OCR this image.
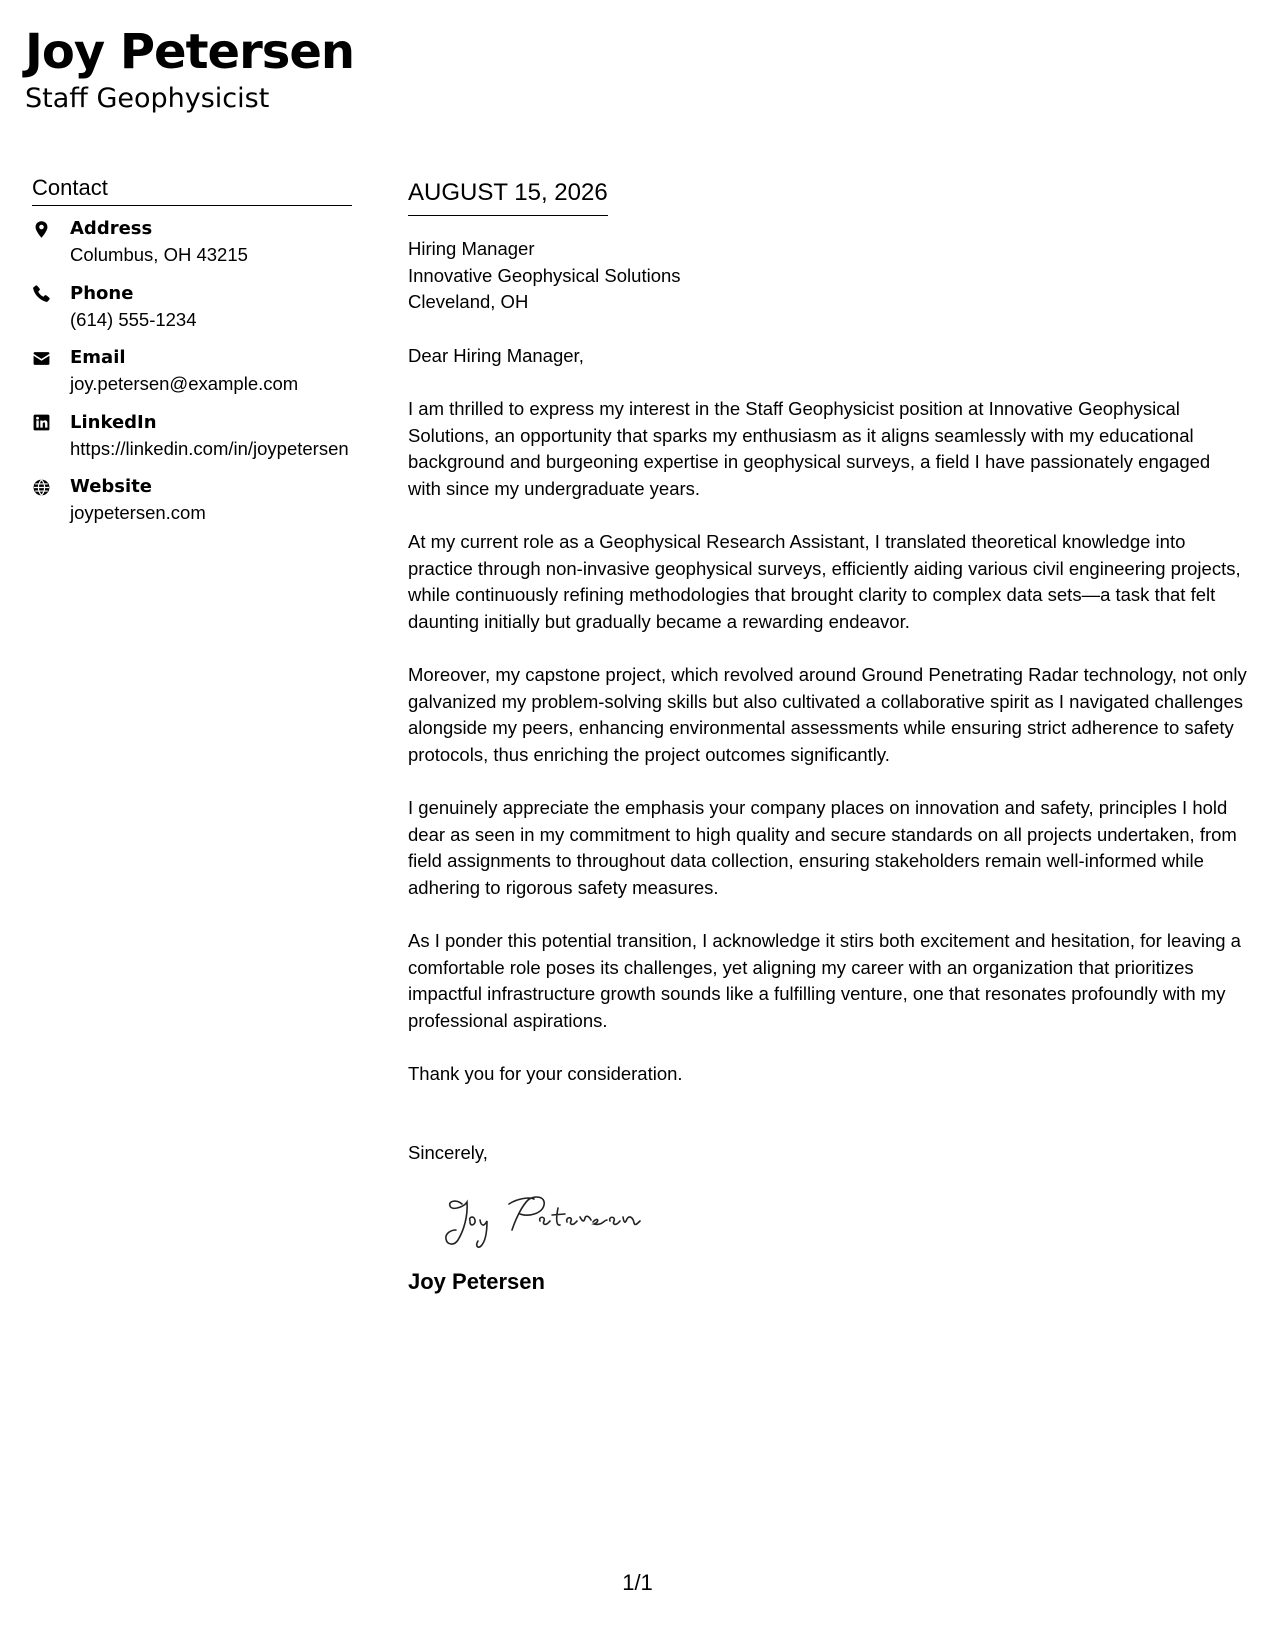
Joy Petersen
Staff Geophysicist
Contact
Address
Columbus, OH 43215
Phone
(614) 555-1234
Email
joy.petersen@example.com
LinkedIn
https://linkedin.com/in/joypetersen
Website
joypetersen.com
AUGUST 15, 2026
Hiring Manager
Innovative Geophysical Solutions
Cleveland, OH

Dear Hiring Manager,

I am thrilled to express my interest in the Staff Geophysicist position at Innovative Geophysical Solutions, an opportunity that sparks my enthusiasm as it aligns seamlessly with my educational background and burgeoning expertise in geophysical surveys, a field I have passionately engaged with since my undergraduate years.

At my current role as a Geophysical Research Assistant, I translated theoretical knowledge into practice through non-invasive geophysical surveys, efficiently aiding various civil engineering projects, while continuously refining methodologies that brought clarity to complex data sets—a task that felt daunting initially but gradually became a rewarding endeavor.

Moreover, my capstone project, which revolved around Ground Penetrating Radar technology, not only galvanized my problem-solving skills but also cultivated a collaborative spirit as I navigated challenges alongside my peers, enhancing environmental assessments while ensuring strict adherence to safety protocols, thus enriching the project outcomes significantly.

I genuinely appreciate the emphasis your company places on innovation and safety, principles I hold dear as seen in my commitment to high quality and secure standards on all projects undertaken, from field assignments to throughout data collection, ensuring stakeholders remain well-informed while adhering to rigorous safety measures.

As I ponder this potential transition, I acknowledge it stirs both excitement and hesitation, for leaving a comfortable role poses its challenges, yet aligning my career with an organization that prioritizes impactful infrastructure growth sounds like a fulfilling venture, one that resonates profoundly with my professional aspirations.

Thank you for your consideration.

Sincerely,
Joy Petersen
1/1
